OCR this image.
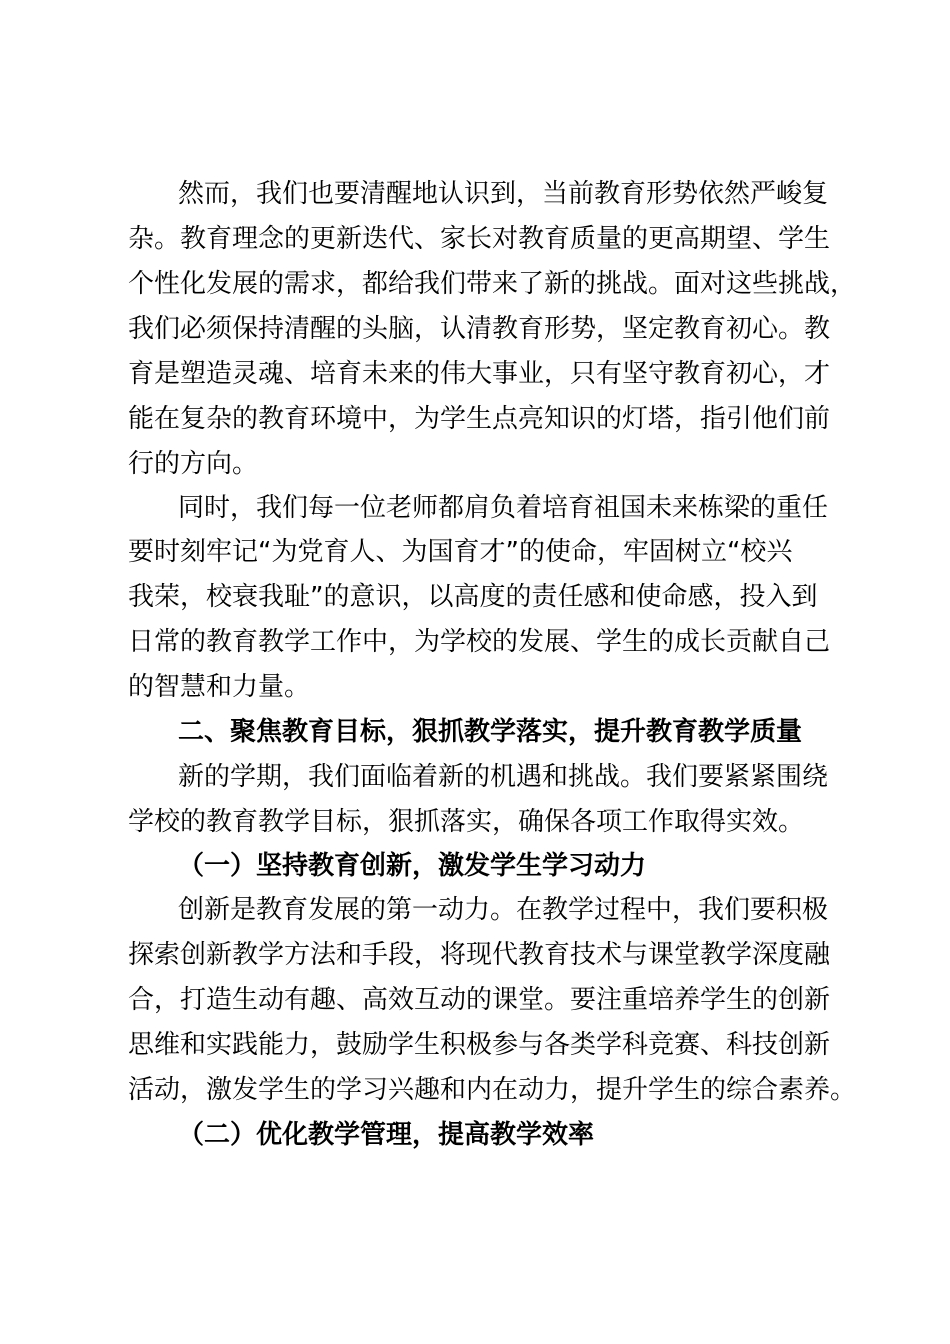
然而，我们也要清醒地认识到，当前教育形势依然严峻复

杂。教育理念的更新迭代、家长对教育质量的更高期望、学生

个性化发展的需求，都给我们带来了新的挑战。面对这些挑战，

我们必须保持清醒的头脑，认清教育形势，坚定教育初心。教

育是塑造灵魂、培育未来的伟大事业，只有坚守教育初心，才

能在复杂的教育环境中，为学生点亮知识的灯塔，指引他们前

行的方向。

同时，我们每一位老师都肩负着培育祖国未来栋梁的重任

要时刻牢记“为党育人、为国育才”的使命，牢固树立“校兴

我荣，校衰我耻”的意识，以高度的责任感和使命感，投入到

日常的教育教学工作中，为学校的发展、学生的成长贡献自己

的智慧和力量。

二、聚焦教育目标，狠抓教学落实，提升教育教学质量

新的学期，我们面临着新的机遇和挑战。我们要紧紧围绕

学校的教育教学目标，狠抓落实，确保各项工作取得实效。

（一）坚持教育创新，激发学生学习动力

创新是教育发展的第一动力。在教学过程中，我们要积极

探索创新教学方法和手段，将现代教育技术与课堂教学深度融

合，打造生动有趣、高效互动的课堂。要注重培养学生的创新

思维和实践能力，鼓励学生积极参与各类学科竞赛、科技创新

活动，激发学生的学习兴趣和内在动力，提升学生的综合素养。

（二）优化教学管理，提高教学效率
